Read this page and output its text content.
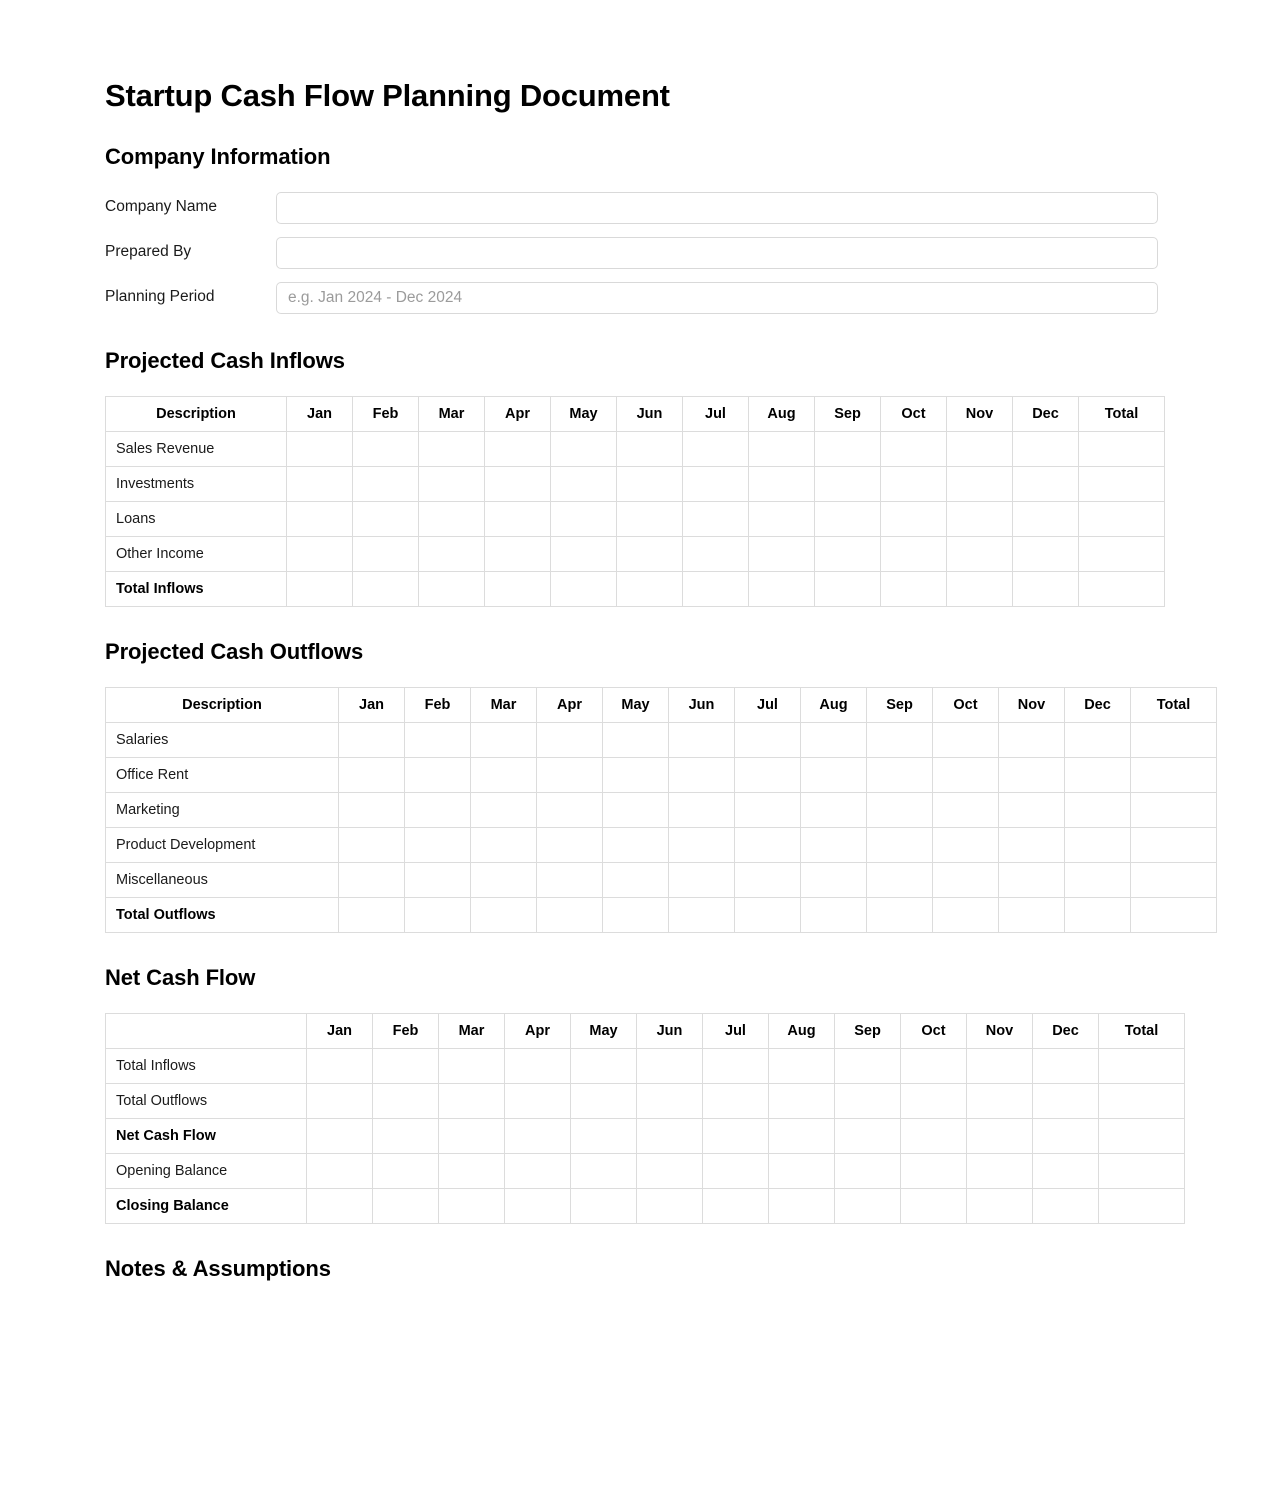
Startup Cash Flow Planning Document
Company Information
Company Name
Prepared By
Planning Period
e.g. Jan 2024 - Dec 2024
Projected Cash Inflows
Description	Jan	Feb	Mar	Apr	May	Jun	Jul	Aug	Sep	Oct	Nov	Dec	Total
Sales Revenue													
Investments													
Loans													
Other Income													
Total Inflows													
Projected Cash Outflows
Description	Jan	Feb	Mar	Apr	May	Jun	Jul	Aug	Sep	Oct	Nov	Dec	Total
Salaries													
Office Rent													
Marketing													
Product Development													
Miscellaneous													
Total Outflows													
Net Cash Flow
	Jan	Feb	Mar	Apr	May	Jun	Jul	Aug	Sep	Oct	Nov	Dec	Total
Total Inflows													
Total Outflows													
Net Cash Flow													
Opening Balance													
Closing Balance													
Notes & Assumptions
